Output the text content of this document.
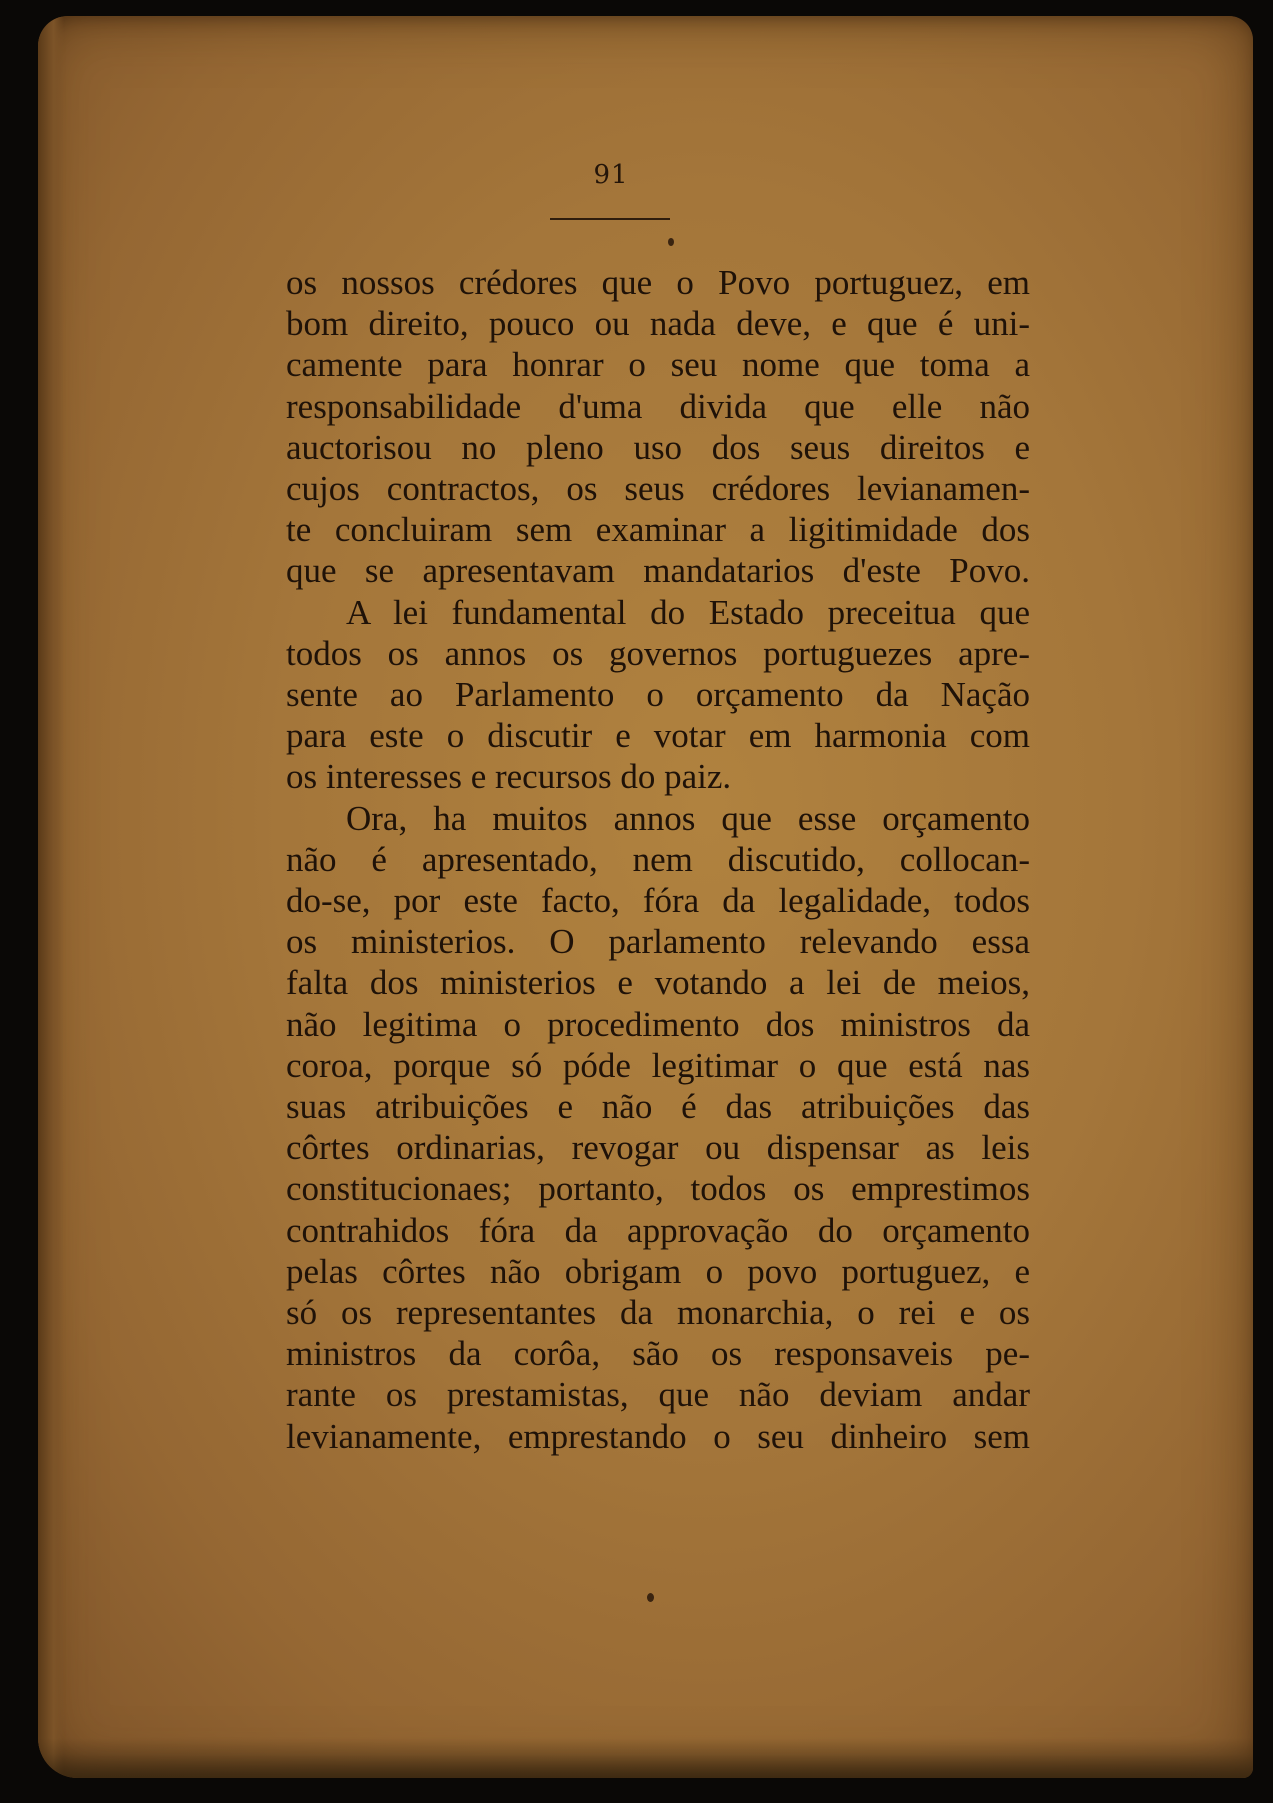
91

os nossos crédores que o Povo portuguez, em
bom direito, pouco ou nada deve, e que é uni-
camente para honrar o seu nome que toma a
responsabilidade d'uma divida que elle não
auctorisou no pleno uso dos seus direitos e
cujos contractos, os seus crédores levianamen-
te concluiram sem examinar a ligitimidade dos
que se apresentavam mandatarios d'este Povo.

A lei fundamental do Estado preceitua que
todos os annos os governos portuguezes apre-
sente ao Parlamento o orçamento da Nação
para este o discutir e votar em harmonia com
os interesses e recursos do paiz.

Ora, ha muitos annos que esse orçamento
não é apresentado, nem discutido, collocan-
do-se, por este facto, fóra da legalidade, todos
os ministerios. O parlamento relevando essa
falta dos ministerios e votando a lei de meios,
não legitima o procedimento dos ministros da
coroa, porque só póde legitimar o que está nas
suas atribuições e não é das atribuições das
côrtes ordinarias, revogar ou dispensar as leis
constitucionaes; portanto, todos os emprestimos
contrahidos fóra da approvação do orçamento
pelas côrtes não obrigam o povo portuguez, e
só os representantes da monarchia, o rei e os
ministros da corôa, são os responsaveis pe-
rante os prestamistas, que não deviam andar
levianamente, emprestando o seu dinheiro sem
